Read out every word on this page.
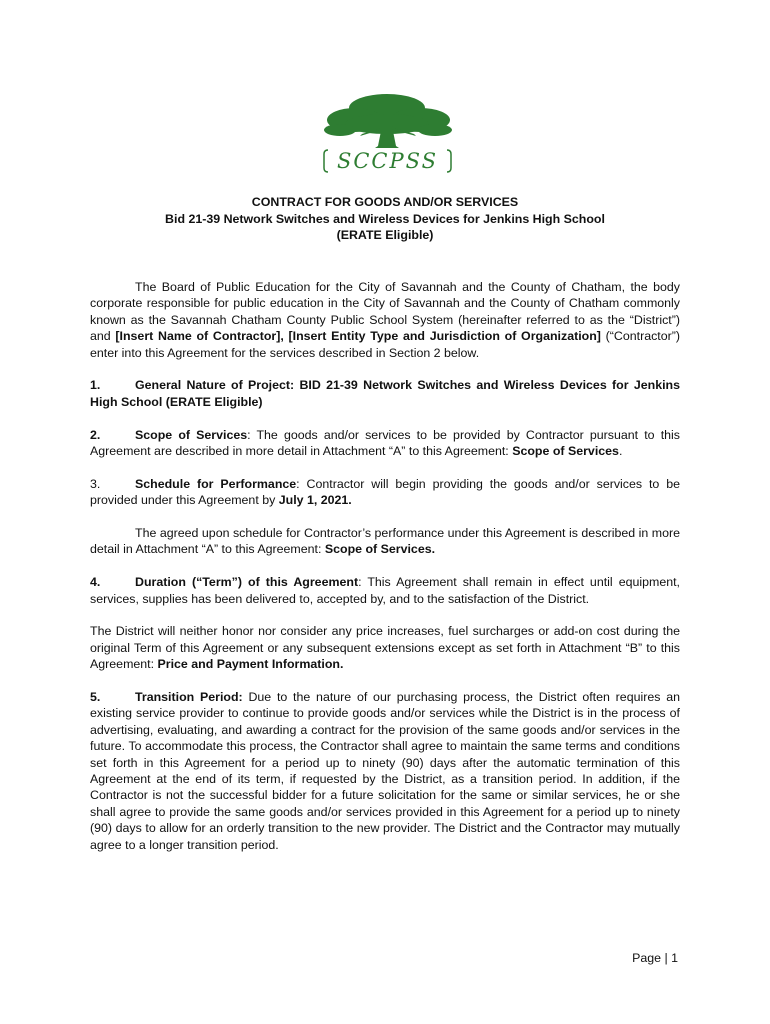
SCCPSS
CONTRACT FOR GOODS AND/OR SERVICES
Bid 21-39 Network Switches and Wireless Devices for Jenkins High School
(ERATE Eligible)

The Board of Public Education for the City of Savannah and the County of Chatham, the body corporate responsible for public education in the City of Savannah and the County of Chatham commonly known as the Savannah Chatham County Public School System (hereinafter referred to as the “District”) and [Insert Name of Contractor], [Insert Entity Type and Jurisdiction of Organization] (“Contractor”) enter into this Agreement for the services described in Section 2 below.

1.	General Nature of Project: BID 21-39 Network Switches and Wireless Devices for Jenkins High School (ERATE Eligible)

2.	Scope of Services: The goods and/or services to be provided by Contractor pursuant to this Agreement are described in more detail in Attachment “A” to this Agreement: Scope of Services.

3.	Schedule for Performance: Contractor will begin providing the goods and/or services to be provided under this Agreement by July 1, 2021.

The agreed upon schedule for Contractor’s performance under this Agreement is described in more detail in Attachment “A” to this Agreement: Scope of Services.

4.	Duration (“Term”) of this Agreement: This Agreement shall remain in effect until equipment, services, supplies has been delivered to, accepted by, and to the satisfaction of the District.

The District will neither honor nor consider any price increases, fuel surcharges or add-on cost during the original Term of this Agreement or any subsequent extensions except as set forth in Attachment “B” to this Agreement: Price and Payment Information.

5.	Transition Period: Due to the nature of our purchasing process, the District often requires an existing service provider to continue to provide goods and/or services while the District is in the process of advertising, evaluating, and awarding a contract for the provision of the same goods and/or services in the future. To accommodate this process, the Contractor shall agree to maintain the same terms and conditions set forth in this Agreement for a period up to ninety (90) days after the automatic termination of this Agreement at the end of its term, if requested by the District, as a transition period. In addition, if the Contractor is not the successful bidder for a future solicitation for the same or similar services, he or she shall agree to provide the same goods and/or services provided in this Agreement for a period up to ninety (90) days to allow for an orderly transition to the new provider. The District and the Contractor may mutually agree to a longer transition period.

Page | 1
